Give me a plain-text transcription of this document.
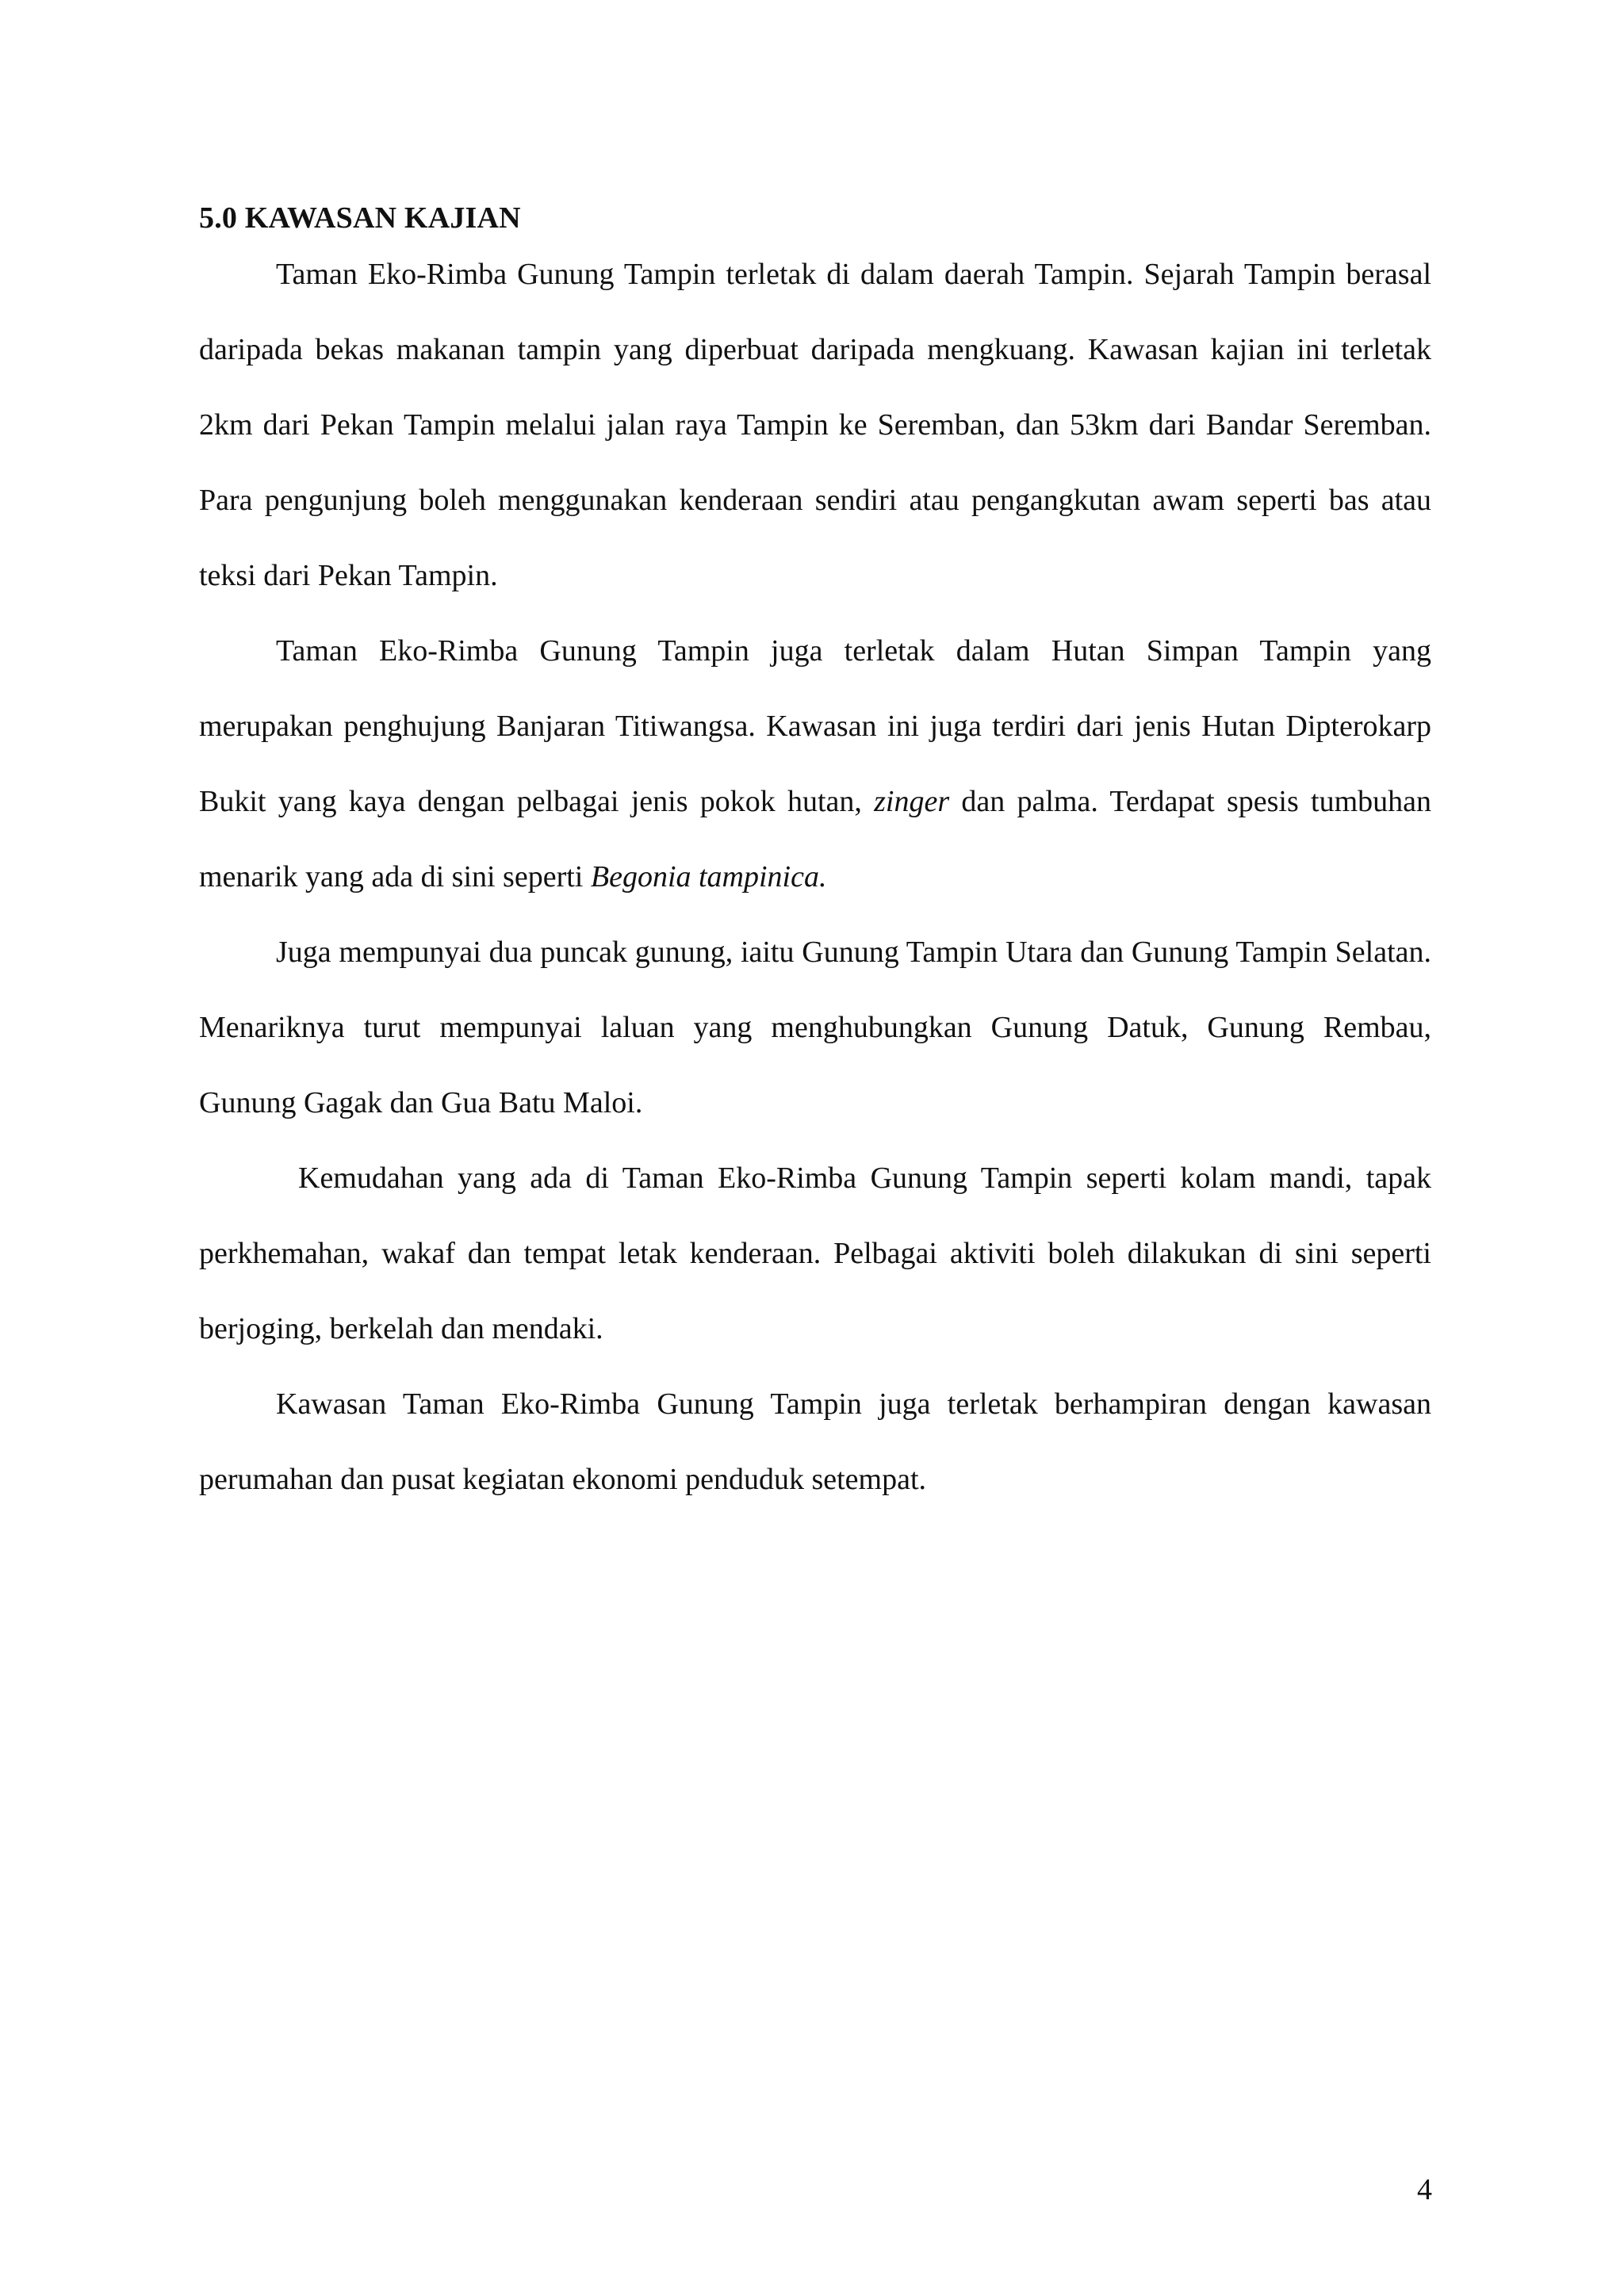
5.0 KAWASAN KAJIAN

Taman Eko-Rimba Gunung Tampin terletak di dalam daerah Tampin. Sejarah Tampin berasal daripada bekas makanan tampin yang diperbuat daripada mengkuang. Kawasan kajian ini terletak 2km dari Pekan Tampin melalui jalan raya Tampin ke Seremban, dan 53km dari Bandar Seremban. Para pengunjung boleh menggunakan kenderaan sendiri atau pengangkutan awam seperti bas atau teksi dari Pekan Tampin.

Taman Eko-Rimba Gunung Tampin juga terletak dalam Hutan Simpan Tampin yang merupakan penghujung Banjaran Titiwangsa. Kawasan ini juga terdiri dari jenis Hutan Dipterokarp Bukit yang kaya dengan pelbagai jenis pokok hutan, zinger dan palma. Terdapat spesis tumbuhan menarik yang ada di sini seperti Begonia tampinica.

Juga mempunyai dua puncak gunung, iaitu Gunung Tampin Utara dan Gunung Tampin Selatan. Menariknya turut mempunyai laluan yang menghubungkan Gunung Datuk, Gunung Rembau, Gunung Gagak dan Gua Batu Maloi.

Kemudahan yang ada di Taman Eko-Rimba Gunung Tampin seperti kolam mandi, tapak perkhemahan, wakaf dan tempat letak kenderaan. Pelbagai aktiviti boleh dilakukan di sini seperti berjoging, berkelah dan mendaki.

Kawasan Taman Eko-Rimba Gunung Tampin juga terletak berhampiran dengan kawasan perumahan dan pusat kegiatan ekonomi penduduk setempat.

4
